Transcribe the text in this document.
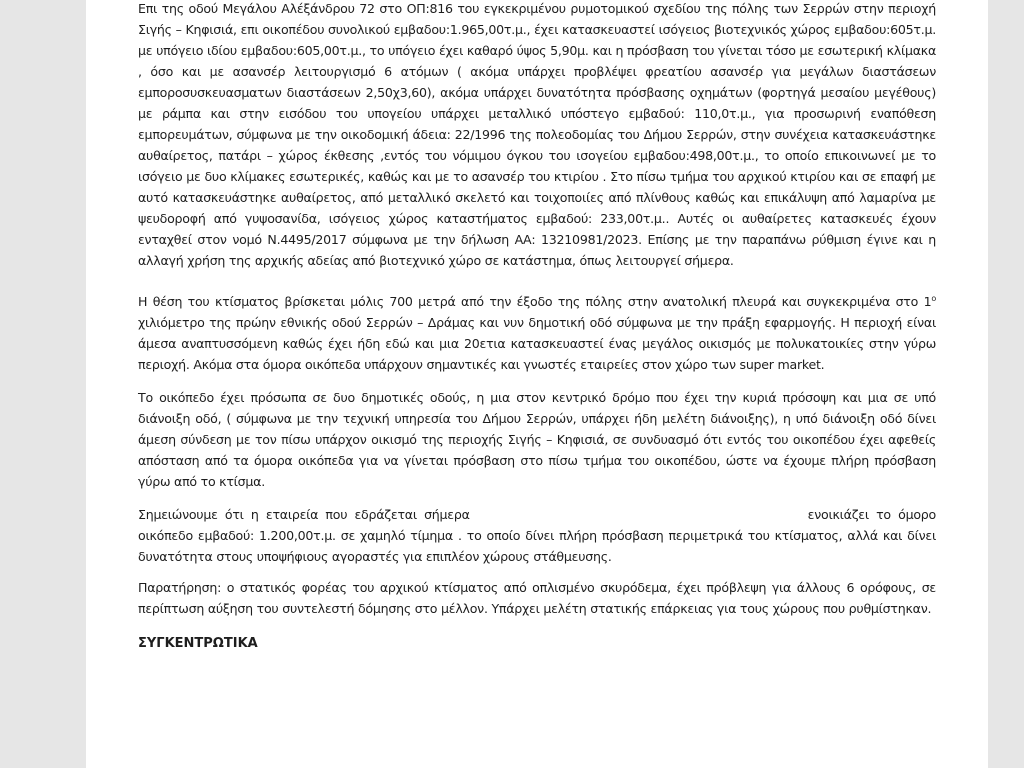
Επι της οδού Μεγάλου Αλέξάνδρου 72 στο ΟΠ:816 του εγκεκριμένου ρυμοτομικού σχεδίου της πόλης των Σερρών στην περιοχή Σιγής – Κηφισιά, επι οικοπέδου συνολικού εμβαδου:1.965,00τ.μ., έχει κατασκευαστεί ισόγειος βιοτεχνικός χώρος εμβαδου:605τ.μ. με υπόγειο ιδίου εμβαδου:605,00τ.μ., το υπόγειο έχει καθαρό ύψος 5,90μ. και η πρόσβαση του γίνεται τόσο με εσωτερική κλίμακα , όσο και με ασανσέρ λειτουργισμό 6 ατόμων ( ακόμα υπάρχει προβλέψει φρεατίου ασανσέρ για μεγάλων διαστάσεων εμπορoσυσκευασματων διαστάσεων 2,50χ3,60), ακόμα υπάρχει δυνατότητα πρόσβασης οχημάτων (φορτηγά μεσαίου μεγέθους) με ράμπα και στην εισόδου του υπογείου υπάρχει μεταλλικό υπόστεγο εμβαδού: 110,0τ.μ., για προσωρινή εναπόθεση εμπορευμάτων, σύμφωνα με την οικοδομική άδεια: 22/1996 της πολεοδομίας του Δήμου Σερρών, στην συνέχεια κατασκευάστηκε αυθαίρετος, πατάρι – χώρος έκθεσης ,εντός του νόμιμου όγκου του ισογείου εμβαδου:498,00τ.μ., το οποίο επικοινωνεί με το ισόγειο με δυο κλίμακες εσωτερικές, καθώς και με το ασανσέρ του κτιρίου . Στο πίσω τμήμα του αρχικού κτιρίου και σε επαφή με αυτό κατασκευάστηκε αυθαίρετος, από μεταλλικό σκελετό και τοιχοποιίες από πλίνθους καθώς και επικάλυψη από λαμαρίνα με ψευδοροφή από γυψοσανίδα, ισόγειος χώρος καταστήματος εμβαδού: 233,00τ.μ.. Αυτές οι αυθαίρετες κατασκευές έχουν ενταχθεί στον νομό Ν.4495/2017 σύμφωνα με την δήλωση ΑΑ: 13210981/2023. Επίσης με την παραπάνω ρύθμιση έγινε και η αλλαγή χρήση της αρχικής αδείας από βιοτεχνικό χώρο σε κατάστημα, όπως λειτουργεί σήμερα.

Η θέση του κτίσματος βρίσκεται μόλις 700 μετρά από την έξοδο της πόλης στην ανατολική πλευρά και συγκεκριμένα στο $1^o$ χιλιόμετρο της πρώην εθνικής οδού Σερρών – Δράμας και νυν δημοτική οδό σύμφωνα με την πράξη εφαρμογής. Η περιοχή είναι άμεσα αναπτυσσόμενη καθώς έχει ήδη εδώ και μια 20ετια κατασκευαστεί ένας μεγάλος οικισμός με πολυκατοικίες στην γύρω περιοχή. Ακόμα στα όμορα οικόπεδα υπάρχουν σημαντικές και γνωστές εταιρείες στον χώρο των super market.

Το οικόπεδο έχει πρόσωπα σε δυο δημοτικές οδούς, η μια στον κεντρικό δρόμο που έχει την κυριά πρόσοψη και μια σε υπό διάνοιξη οδό, ( σύμφωνα με την τεχνική υπηρεσία του Δήμου Σερρών, υπάρχει ήδη μελέτη διάνοιξης), η υπό διάνοιξη οδό δίνει άμεση σύνδεση με τον πίσω υπάρχον οικισμό της περιοχής Σιγής – Κηφισιά, σε συνδυασμό ότι εντός του οικοπέδου έχει αφεθείς απόσταση από τα όμορα οικόπεδα για να γίνεται πρόσβαση στο πίσω τμήμα του οικοπέδου, ώστε να έχουμε πλήρη πρόσβαση γύρω από το κτίσμα.

Σημειώνουμε ότι η εταιρεία που εδράζεται σήμερα	ενοικιάζει το όμορο οικόπεδο εμβαδού: 1.200,00τ.μ. σε χαμηλό τίμημα . το οποίο δίνει πλήρη πρόσβαση περιμετρικά του κτίσματος, αλλά και δίνει δυνατότητα στους υποψήφιους αγοραστές για επιπλέον χώρους στάθμευσης.

Παρατήρηση: ο στατικός φορέας του αρχικού κτίσματος από οπλισμένο σκυρόδεμα, έχει πρόβλεψη για άλλους 6 ορόφους, σε περίπτωση αύξηση του συντελεστή δόμησης στο μέλλον. Υπάρχει μελέτη στατικής επάρκειας για τους χώρους που ρυθμίστηκαν.

ΣΥΓΚΕΝΤΡΩΤΙΚΑ
